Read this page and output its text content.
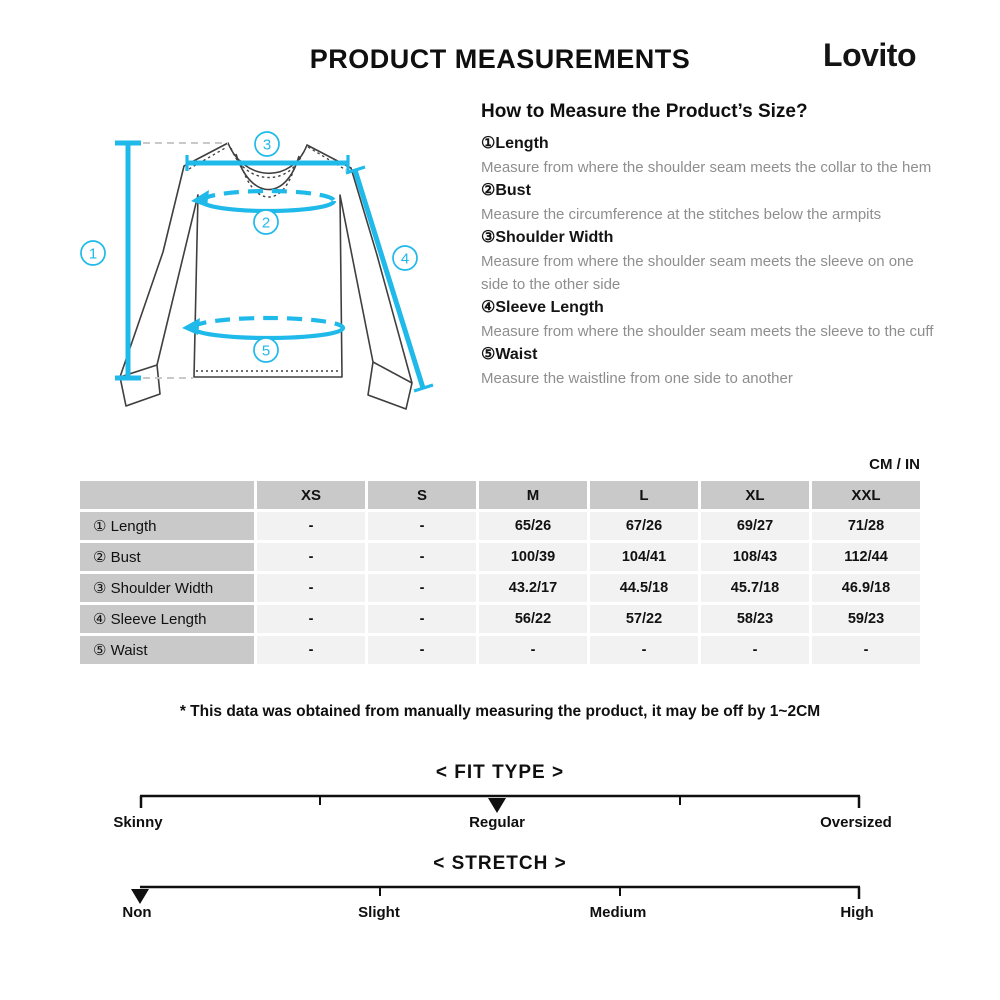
PRODUCT MEASUREMENTS	Lovito
1
2
3
4
5
How to Measure the Product’s Size?
①Length
Measure from where the shoulder seam meets the collar to the hem
②Bust
Measure the circumference at the stitches below the armpits
③Shoulder Width
Measure from where the shoulder seam meets the sleeve on one side to the other side
④Sleeve Length
Measure from where the shoulder seam meets the sleeve to the cuff
⑤Waist
Measure the waistline from one side to another
CM / IN
XS	S	M	L	XL	XXL
① Length	-	-	65/26	67/26	69/27	71/28
② Bust	-	-	100/39	104/41	108/43	112/44
③ Shoulder Width	-	-	43.2/17	44.5/18	45.7/18	46.9/18
④ Sleeve Length	-	-	56/22	57/22	58/23	59/23
⑤ Waist	-	-	-	-	-	-
* This data was obtained from manually measuring the product, it may be off by 1~2CM
< FIT TYPE >
Skinny	Regular	Oversized
< STRETCH >
Non	Slight	Medium	High
